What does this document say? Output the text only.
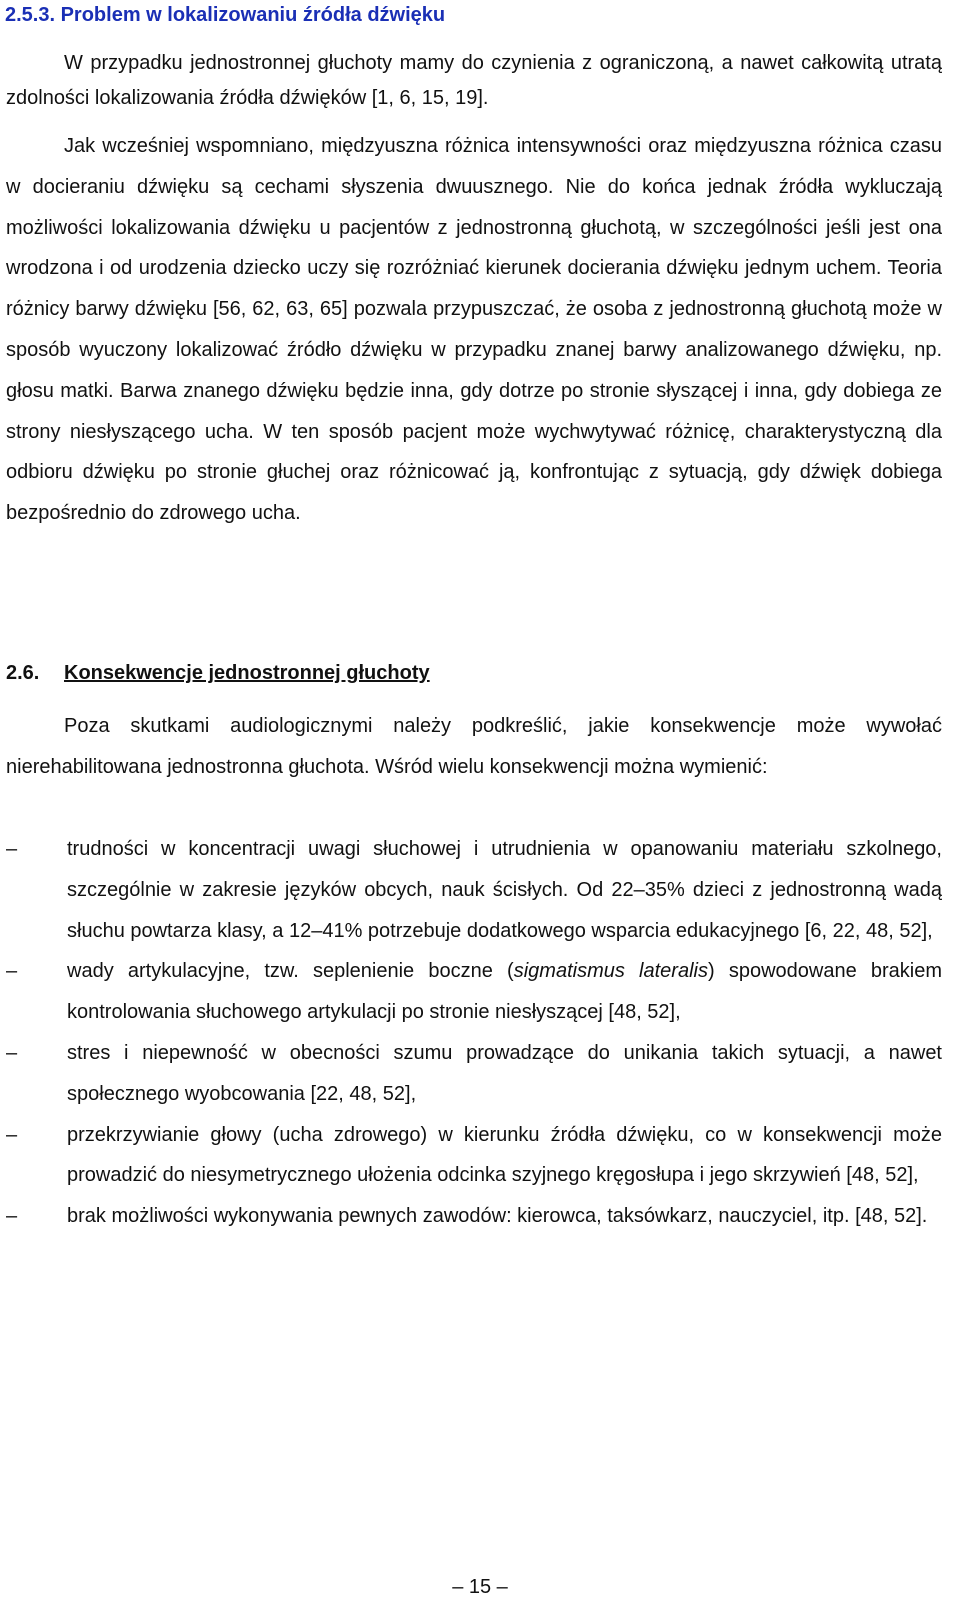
2.5.3. Problem w lokalizowaniu źródła dźwięku

W przypadku jednostronnej głuchoty mamy do czynienia z ograniczoną, a nawet całkowitą utratą zdolności lokalizowania źródła dźwięków [1, 6, 15, 19].

Jak wcześniej wspomniano, międzyuszna różnica intensywności oraz międzyuszna różnica czasu w docieraniu dźwięku są cechami słyszenia dwuusznego. Nie do końca jednak źródła wykluczają możliwości lokalizowania dźwięku u pacjentów z jednostronną głuchotą, w szczególności jeśli jest ona wrodzona i od urodzenia dziecko uczy się rozróżniać kierunek docierania dźwięku jednym uchem. Teoria różnicy barwy dźwięku [56, 62, 63, 65] pozwala przypuszczać, że osoba z jednostronną głuchotą może w sposób wyuczony lokalizować źródło dźwięku w przypadku znanej barwy analizowanego dźwięku, np. głosu matki. Barwa znanego dźwięku będzie inna, gdy dotrze po stronie słyszącej i inna, gdy dobiega ze strony niesłyszącego ucha. W ten sposób pacjent może wychwytywać różnicę, charakterystyczną dla odbioru dźwięku po stronie głuchej oraz różnicować ją, konfrontując z sytuacją, gdy dźwięk dobiega bezpośrednio do zdrowego ucha.

2.6. Konsekwencje jednostronnej głuchoty

Poza skutkami audiologicznymi należy podkreślić, jakie konsekwencje może wywołać nierehabilitowana jednostronna głuchota. Wśród wielu konsekwencji można wymienić:

–	trudności w koncentracji uwagi słuchowej i utrudnienia w opanowaniu materiału szkolnego, szczególnie w zakresie języków obcych, nauk ścisłych. Od 22–35% dzieci z jednostronną wadą słuchu powtarza klasy, a 12–41% potrzebuje dodatkowego wsparcia edukacyjnego [6, 22, 48, 52],
–	wady artykulacyjne, tzw. seplenienie boczne (sigmatismus lateralis) spowodowane brakiem kontrolowania słuchowego artykulacji po stronie niesłyszącej [48, 52],
–	stres i niepewność w obecności szumu prowadzące do unikania takich sytuacji, a nawet społecznego wyobcowania [22, 48, 52],
–	przekrzywianie głowy (ucha zdrowego) w kierunku źródła dźwięku, co w konsekwencji może prowadzić do niesymetrycznego ułożenia odcinka szyjnego kręgosłupa i jego skrzywień [48, 52],
–	brak możliwości wykonywania pewnych zawodów: kierowca, taksówkarz, nauczyciel, itp. [48, 52].
– 15 –
